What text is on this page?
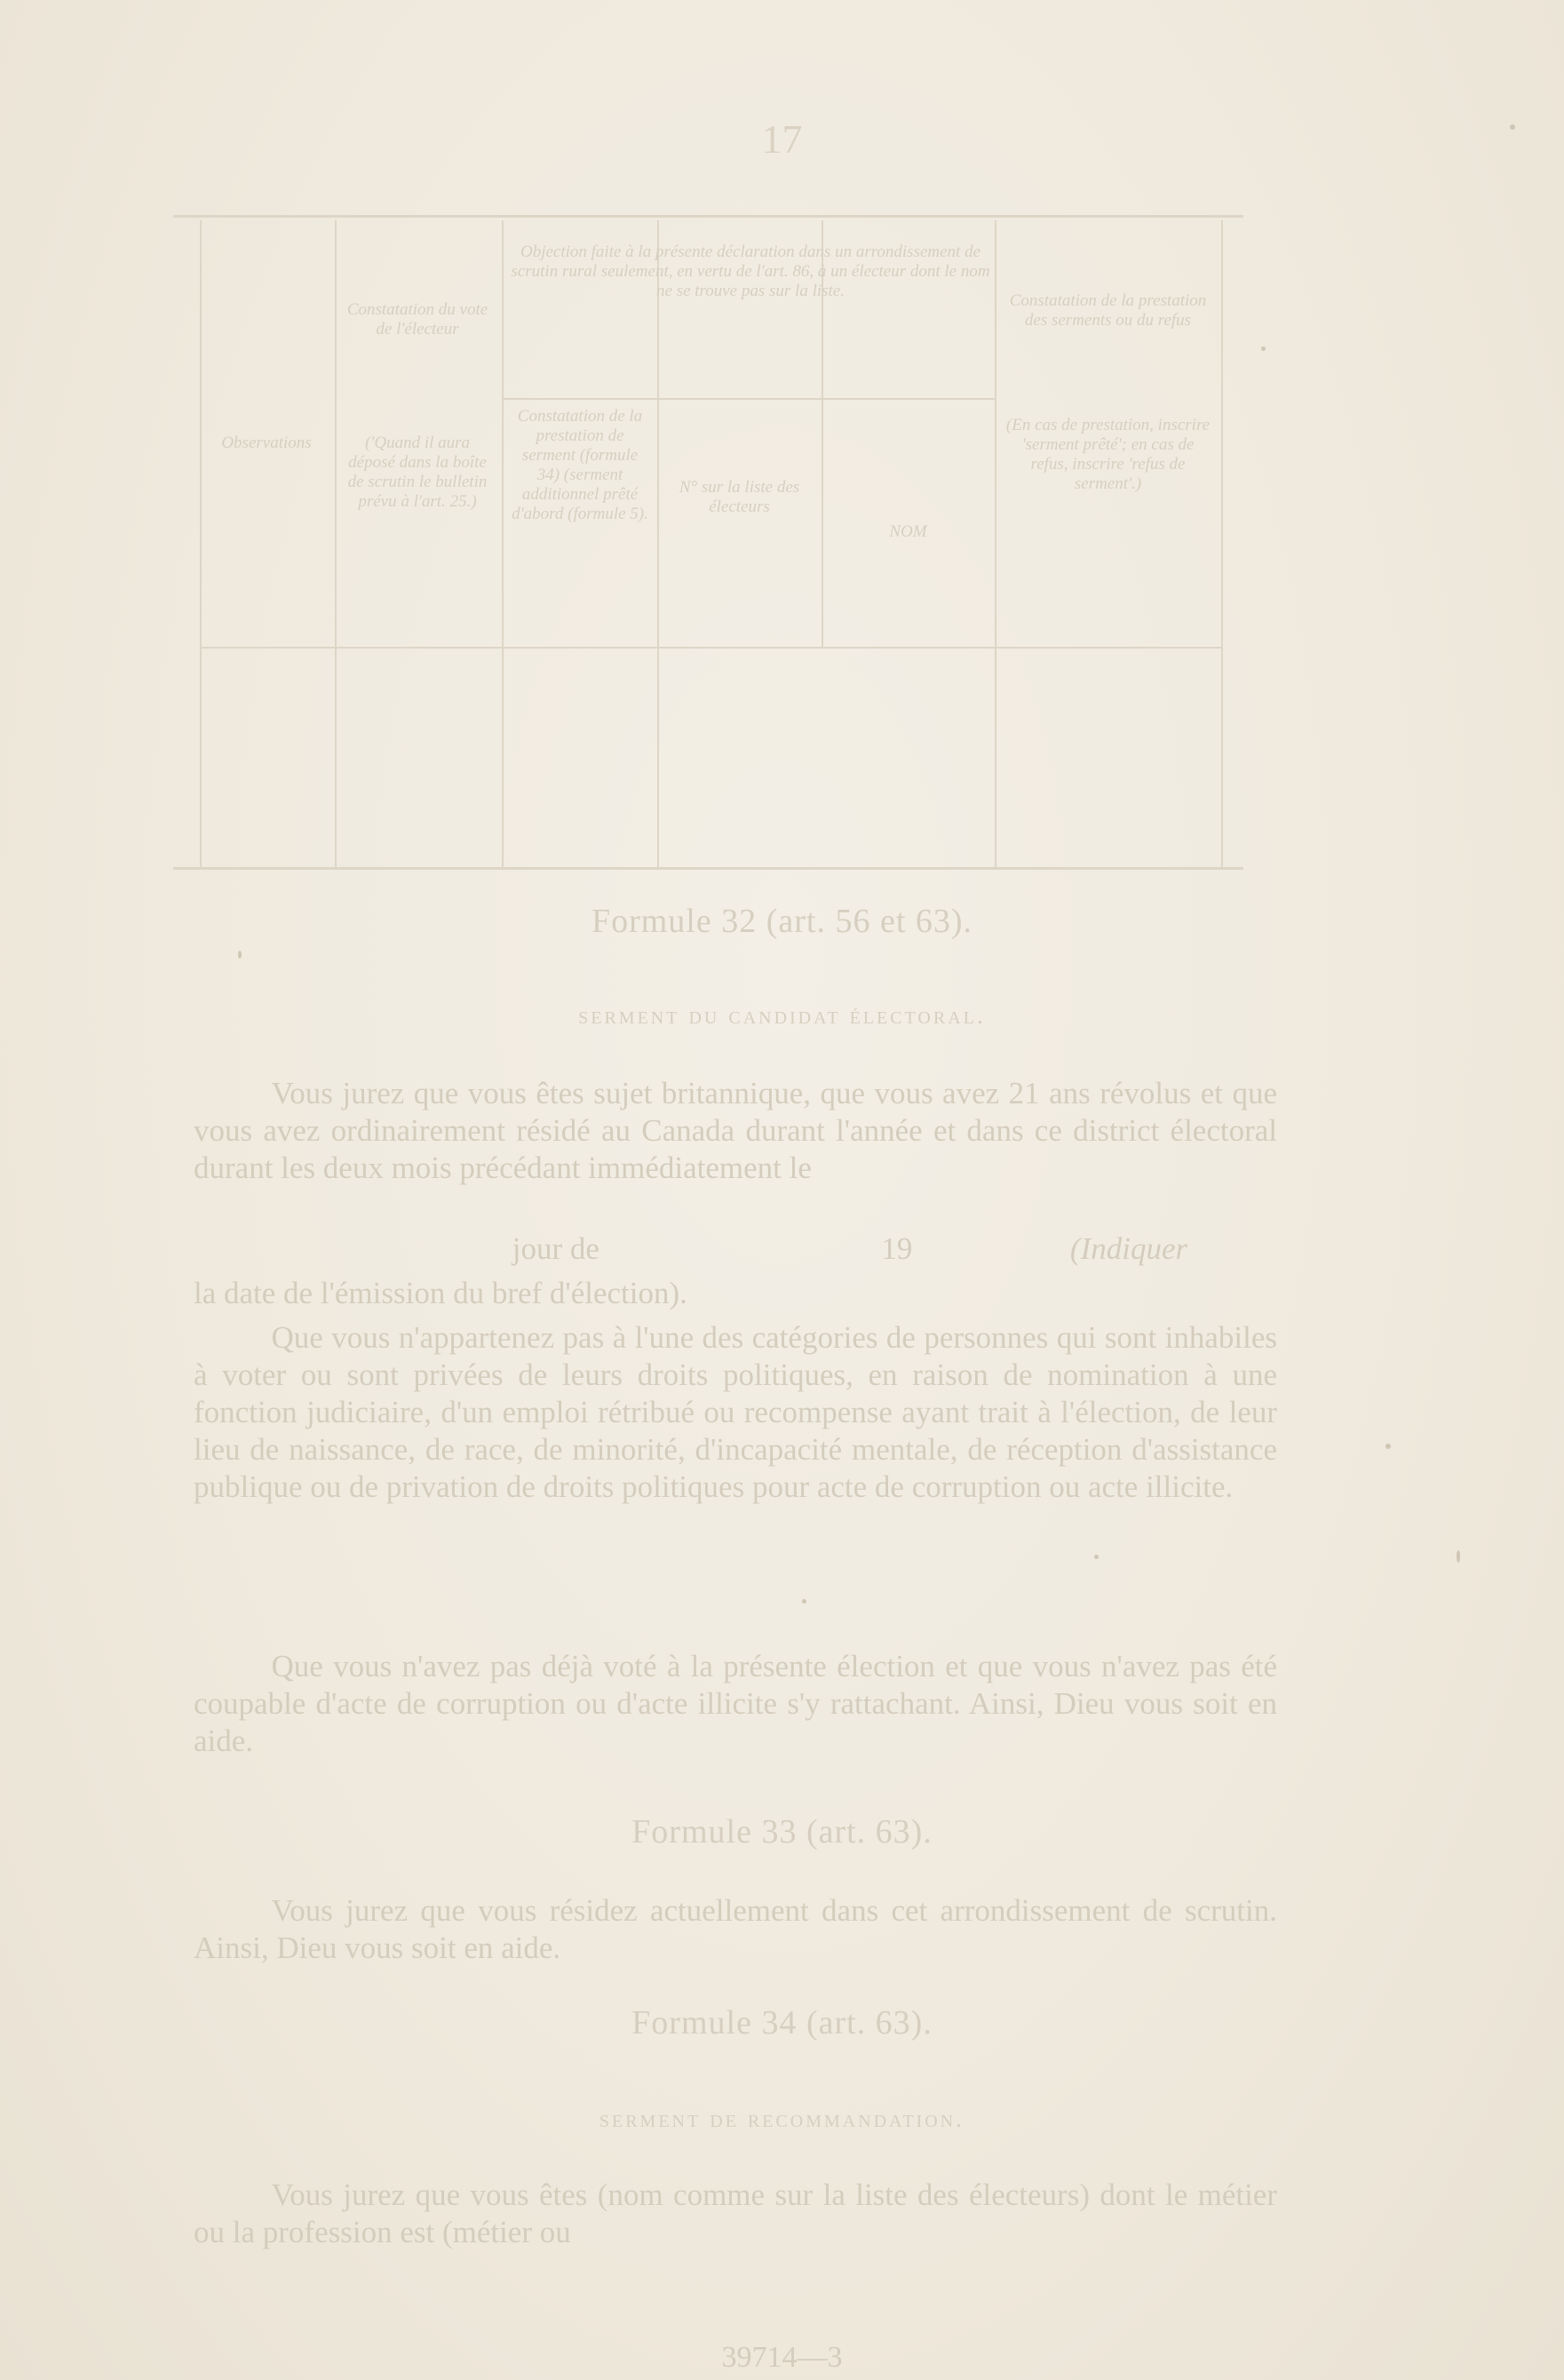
17
Observations
Constatation du vote de l'électeur
('Quand il aura déposé dans la boîte de scrutin le bulletin prévu à l'art. 25.)
Constatation de la prestation de serment (formule 34) (serment additionnel prêté d'abord (formule 5).
N° sur la liste des électeurs
NOM
Objection faite à la présente déclaration dans un arrondissement de scrutin rural seulement, en vertu de l'art. 86, à un électeur dont le nom ne se trouve pas sur la liste.
Constatation de la prestation des serments ou du refus
(En cas de prestation, inscrire 'serment prêté'; en cas de refus, inscrire 'refus de serment'.)
Formule 32 (art. 56 et 63).
serment du candidat électoral.
Vous jurez que vous êtes sujet britannique, que vous avez 21 ans révolus et que vous avez ordinairement résidé au Canada durant l'année et dans ce district électoral durant les deux mois précédant immédiatement le
jour de	19	(Indiquer
la date de l'émission du bref d'élection).
Que vous n'appartenez pas à l'une des catégories de personnes qui sont inhabiles à voter ou sont privées de leurs droits politiques, en raison de nomination à une fonction judiciaire, d'un emploi rétribué ou recompense ayant trait à l'élection, de leur lieu de naissance, de race, de minorité, d'incapacité mentale, de réception d'assistance publique ou de privation de droits politiques pour acte de corruption ou acte illicite.
Que vous n'avez pas déjà voté à la présente élection et que vous n'avez pas été coupable d'acte de corruption ou d'acte illicite s'y rattachant. Ainsi, Dieu vous soit en aide.
Formule 33 (art. 63).
Vous jurez que vous résidez actuellement dans cet arrondissement de scrutin. Ainsi, Dieu vous soit en aide.
Formule 34 (art. 63).
serment de recommandation.
Vous jurez que vous êtes (nom comme sur la liste des électeurs) dont le métier ou la profession est (métier ou
39714—3
